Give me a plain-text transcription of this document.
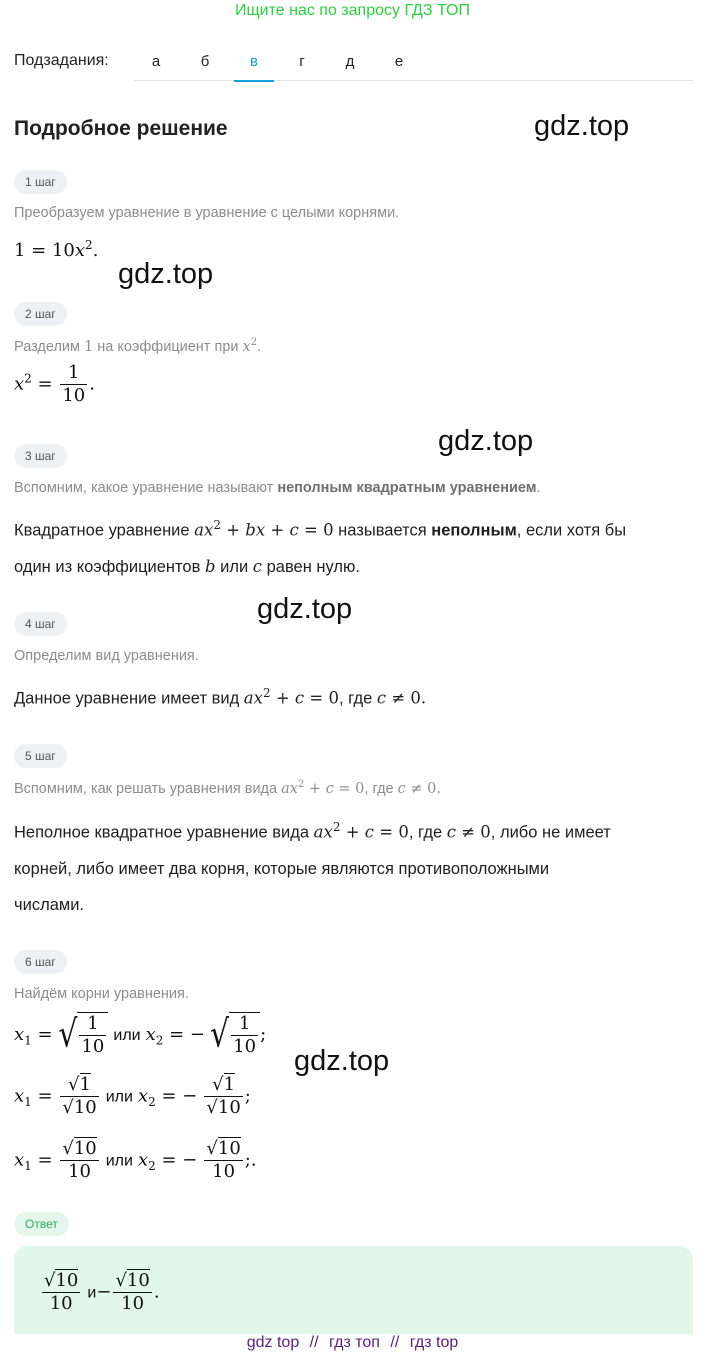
Ищите нас по запросу ГДЗ ТОП
Подзадания:	а	б	в	г	д	е
Подробное решение	gdz.top
gdz.top
gdz.top
gdz.top
gdz.top
1 шаг
Преобразуем уравнение в уравнение с целыми корнями.
$1 = 10x^2$.
2 шаг
Разделим 1 на коэффициент при $x^2$.
$x^2 = \frac{1}{10}$ .
3 шаг
Вспомним, какое уравнение называют неполным квадратным уравнением.
Квадратное уравнение $ax^2$ + bx + c = 0 называется неполным, если хотя бы
один из коэффициентов b или c равен нулю.
4 шаг
Определим вид уравнения.
Данное уравнение имеет вид $ax^2 + c = 0$, где c ≠ 0.
5 шаг
Вспомним, как решать уравнения вида $ax^2 + c = 0$, где c ≠ 0.
Неполное квадратное уравнение вида $ax^2 + c = 0$, где c ≠ 0, либо не имеет
корней, либо имеет два корня, которые являются противоположными
числами.
6 шаг
Найдём корни уравнения.
$x_1$ = √ $\frac{1}{10}$ или $x_2$ = − √ $\frac{1}{10}$ ;
$x_1 = \frac{√1}{√10}$ или $x_2$ = − $\frac{√1}{√10}$ ;
$x_1 = \frac{√10}{10}$ или $x_2$ = − $\frac{√10}{10}$ ;.
Ответ
$\frac{√10}{10} и- \frac{√10}{10}$ .
gdz top // гдз топ // гдз top
